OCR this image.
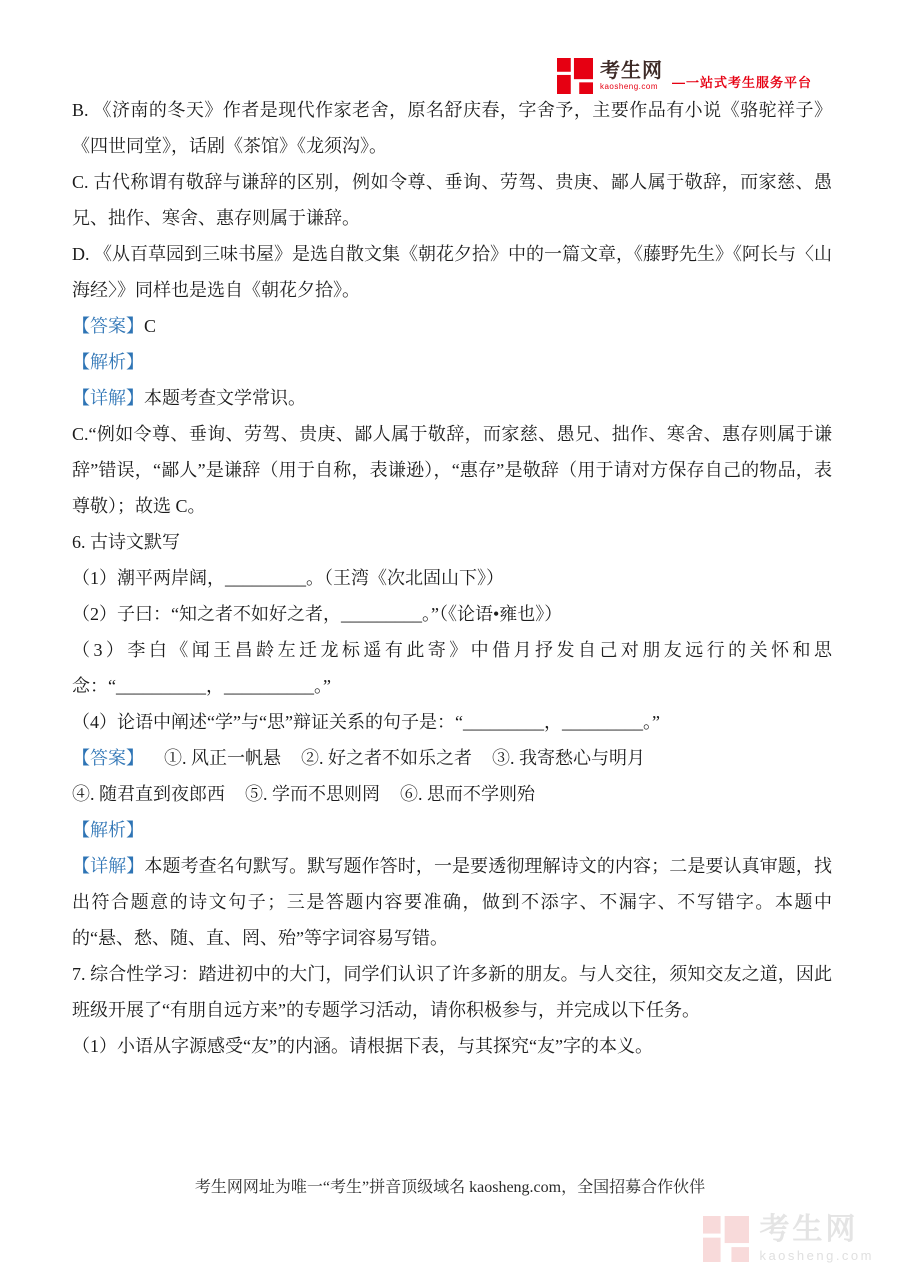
考生网
kaosheng.com	—一站式考生服务平台

B. 《济南的冬天》作者是现代作家老舍，原名舒庆春，字舍予，主要作品有小说《骆驼祥子》《四世同堂》，话剧《茶馆》《龙须沟》。

C. 古代称谓有敬辞与谦辞的区别，例如令尊、垂询、劳驾、贵庚、鄙人属于敬辞，而家慈、愚兄、拙作、寒舍、惠存则属于谦辞。

D. 《从百草园到三味书屋》是选自散文集《朝花夕拾》中的一篇文章，《藤野先生》《阿长与〈山海经〉》同样也是选自《朝花夕拾》。

【答案】C

【解析】

【详解】本题考查文学常识。

C.“例如令尊、垂询、劳驾、贵庚、鄙人属于敬辞，而家慈、愚兄、拙作、寒舍、惠存则属于谦辞”错误，“鄙人”是谦辞（用于自称，表谦逊），“惠存”是敬辞（用于请对方保存自己的物品，表尊敬）；故选 C。

6. 古诗文默写

（1）潮平两岸阔，_________。（王湾《次北固山下》）

（2）子曰：“知之者不如好之者，_________。”（《论语•雍也》）

（3）李白《闻王昌龄左迁龙标遥有此寄》中借月抒发自己对朋友远行的关怀和思念：“__________，__________。”

（4）论语中阐述“学”与“思”辩证关系的句子是：“_________，_________。”

【答案】 ①. 风正一帆悬 ②. 好之者不如乐之者 ③. 我寄愁心与明月④. 随君直到夜郎西 ⑤. 学而不思则罔 ⑥. 思而不学则殆

【解析】

【详解】本题考查名句默写。默写题作答时，一是要透彻理解诗文的内容；二是要认真审题，找出符合题意的诗文句子；三是答题内容要准确，做到不添字、不漏字、不写错字。本题中的“悬、愁、随、直、罔、殆”等字词容易写错。

7. 综合性学习：踏进初中的大门，同学们认识了许多新的朋友。与人交往，须知交友之道，因此班级开展了“有朋自远方来”的专题学习活动，请你积极参与，并完成以下任务。

（1）小语从字源感受“友”的内涵。请根据下表，与其探究“友”字的本义。

考生网网址为唯一“考生”拼音顶级域名 kaosheng.com，全国招募合作伙伴
考生网
kaosheng.com
